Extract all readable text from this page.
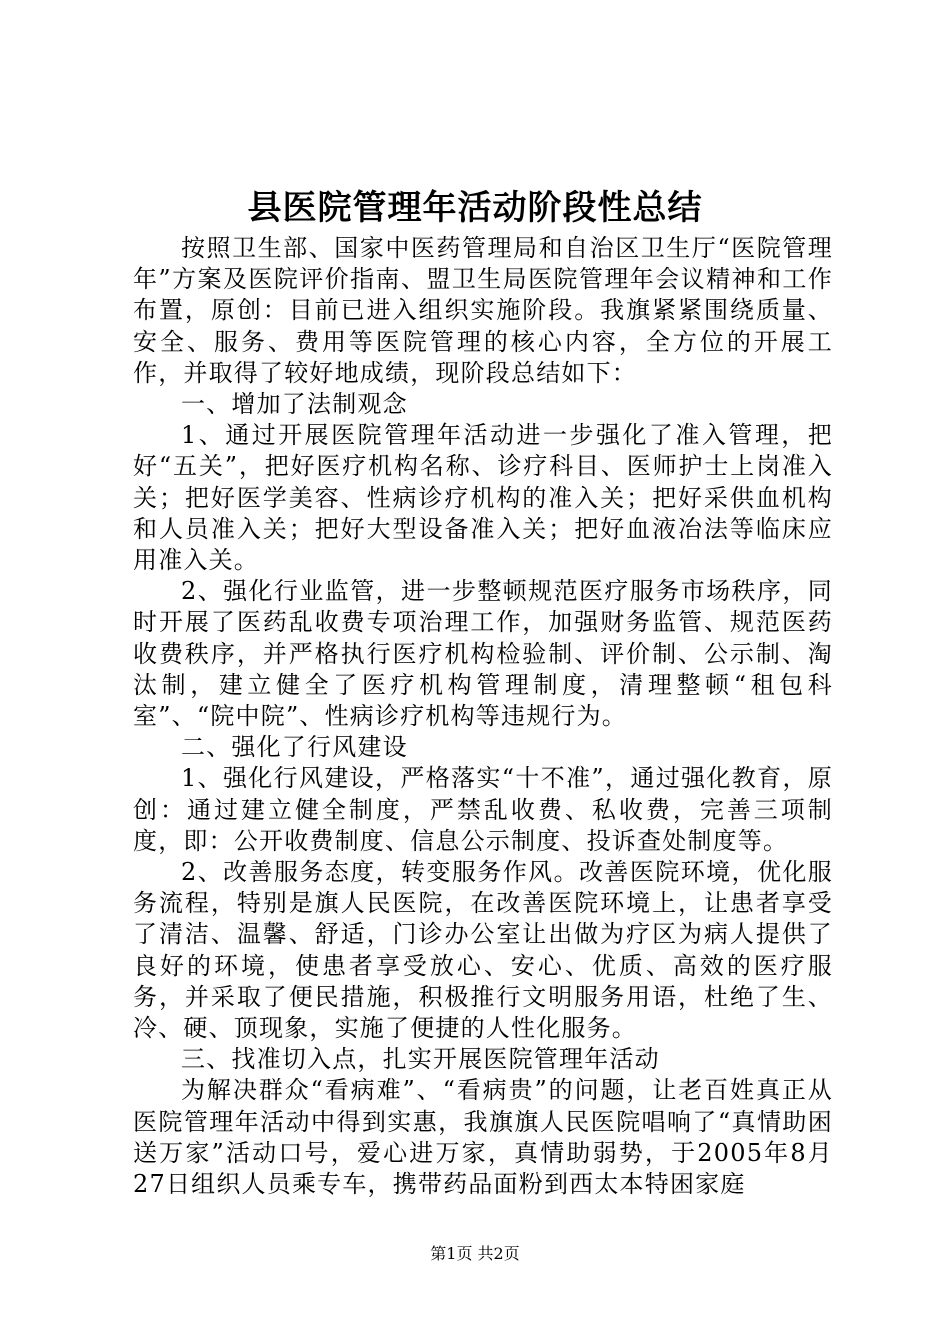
县医院管理年活动阶段性总结

按照卫生部、国家中医药管理局和自治区卫生厅“医院管理年”方案及医院评价指南、盟卫生局医院管理年会议精神和工作布置，原创：目前已进入组织实施阶段。我旗紧紧围绕质量、安全、服务、费用等医院管理的核心内容，全方位的开展工作，并取得了较好地成绩，现阶段总结如下：

一、增加了法制观念

1、通过开展医院管理年活动进一步强化了准入管理，把好“五关”，把好医疗机构名称、诊疗科目、医师护士上岗准入关；把好医学美容、性病诊疗机构的准入关；把好采供血机构和人员准入关；把好大型设备准入关；把好血液冶法等临床应用准入关。

2、强化行业监管，进一步整顿规范医疗服务市场秩序，同时开展了医药乱收费专项治理工作，加强财务监管、规范医药收费秩序，并严格执行医疗机构检验制、评价制、公示制、淘汰制，建立健全了医疗机构管理制度，清理整顿“租包科室”、“院中院”、性病诊疗机构等违规行为。

二、强化了行风建设

1、强化行风建设，严格落实“十不准”，通过强化教育，原创：通过建立健全制度，严禁乱收费、私收费，完善三项制度，即：公开收费制度、信息公示制度、投诉查处制度等。

2、改善服务态度，转变服务作风。改善医院环境，优化服务流程，特别是旗人民医院，在改善医院环境上，让患者享受了清洁、温馨、舒适，门诊办公室让出做为疗区为病人提供了良好的环境，使患者享受放心、安心、优质、高效的医疗服务，并采取了便民措施，积极推行文明服务用语，杜绝了生、冷、硬、顶现象，实施了便捷的人性化服务。

三、找准切入点，扎实开展医院管理年活动

为解决群众“看病难”、“看病贵”的问题，让老百姓真正从医院管理年活动中得到实惠，我旗旗人民医院唱响了“真情助困送万家”活动口号，爱心进万家，真情助弱势，于2005年8月27日组织人员乘专车，携带药品面粉到西太本特困家庭

第1页 共2页
